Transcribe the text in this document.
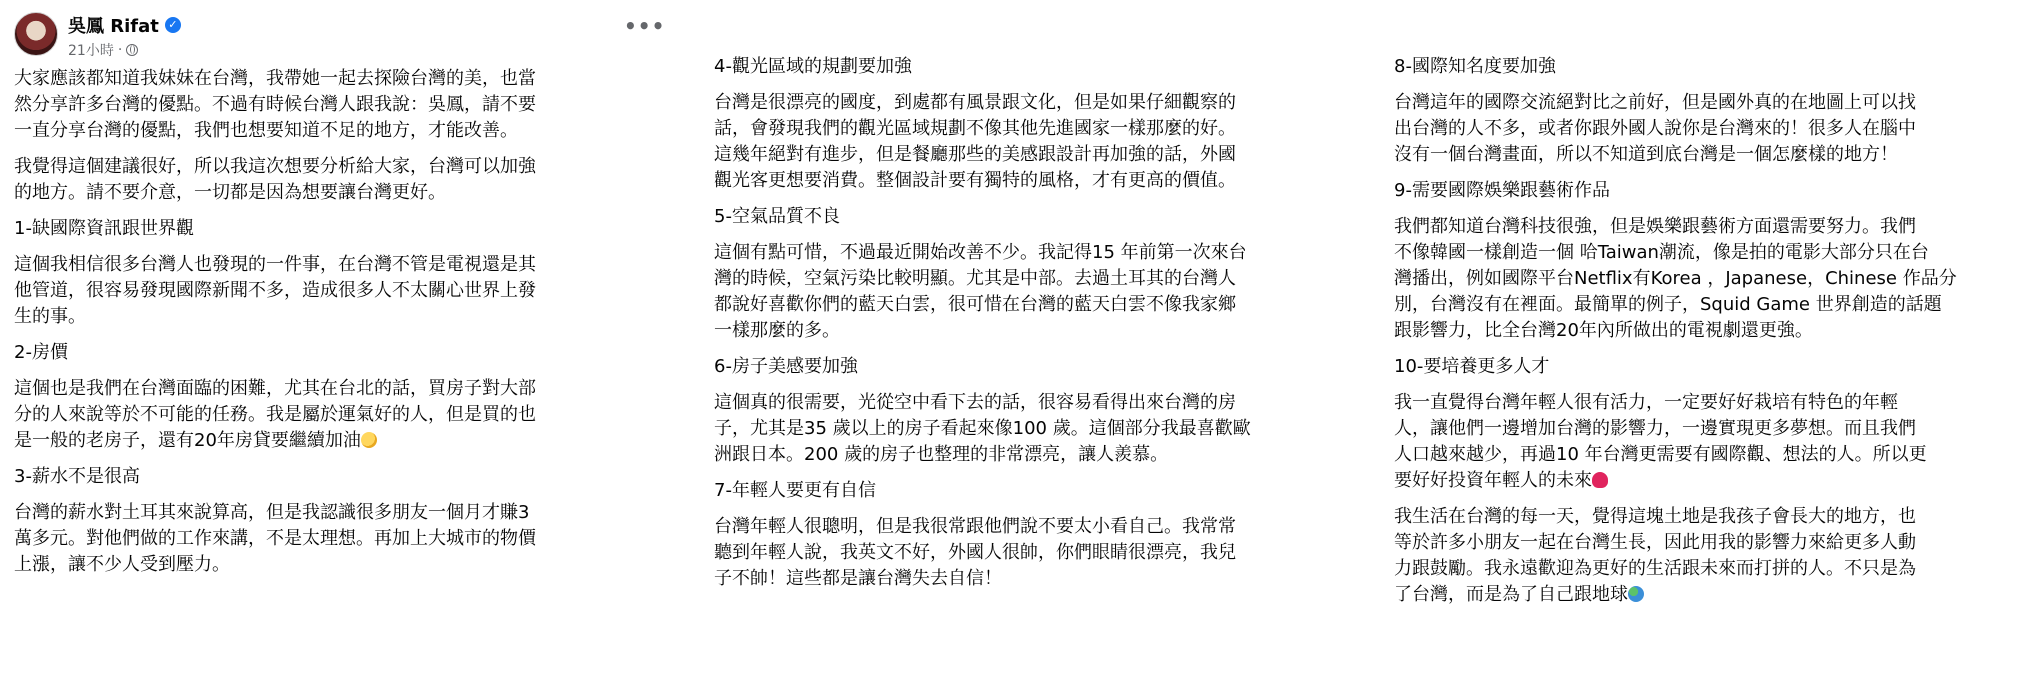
吳鳳 Rifat ✓
21小時 ·
•••

大家應該都知道我妹妹在台灣，我帶她一起去探險台灣的美，也當
然分享許多台灣的優點。不過有時候台灣人跟我說：吳鳳，請不要
一直分享台灣的優點，我們也想要知道不足的地方，才能改善。

我覺得這個建議很好，所以我這次想要分析給大家，台灣可以加強
的地方。請不要介意，一切都是因為想要讓台灣更好。

1-缺國際資訊跟世界觀

這個我相信很多台灣人也發現的一件事，在台灣不管是電視還是其
他管道，很容易發現國際新聞不多，造成很多人不太關心世界上發
生的事。

2-房價

這個也是我們在台灣面臨的困難，尤其在台北的話，買房子對大部
分的人來說等於不可能的任務。我是屬於運氣好的人，但是買的也
是一般的老房子，還有20年房貸要繼續加油

3-薪水不是很高

台灣的薪水對土耳其來說算高，但是我認識很多朋友一個月才賺3
萬多元。對他們做的工作來講，不是太理想。再加上大城市的物價
上漲，讓不少人受到壓力。

4-觀光區域的規劃要加強

台灣是很漂亮的國度，到處都有風景跟文化，但是如果仔細觀察的
話，會發現我們的觀光區域規劃不像其他先進國家一樣那麼的好。
這幾年絕對有進步，但是餐廳那些的美感跟設計再加強的話，外國
觀光客更想要消費。整個設計要有獨特的風格，才有更高的價值。

5-空氣品質不良

這個有點可惜，不過最近開始改善不少。我記得15 年前第一次來台
灣的時候，空氣污染比較明顯。尤其是中部。去過土耳其的台灣人
都說好喜歡你們的藍天白雲，很可惜在台灣的藍天白雲不像我家鄉
一樣那麼的多。

6-房子美感要加強

這個真的很需要，光從空中看下去的話，很容易看得出來台灣的房
子，尤其是35 歲以上的房子看起來像100 歲。這個部分我最喜歡歐
洲跟日本。200 歲的房子也整理的非常漂亮，讓人羨慕。

7-年輕人要更有自信

台灣年輕人很聰明，但是我很常跟他們說不要太小看自己。我常常
聽到年輕人說，我英文不好，外國人很帥，你們眼睛很漂亮，我兒
子不帥！這些都是讓台灣失去自信！

8-國際知名度要加強

台灣這年的國際交流絕對比之前好，但是國外真的在地圖上可以找
出台灣的人不多，或者你跟外國人說你是台灣來的！很多人在腦中
沒有一個台灣畫面，所以不知道到底台灣是一個怎麼樣的地方！

9-需要國際娛樂跟藝術作品

我們都知道台灣科技很強，但是娛樂跟藝術方面還需要努力。我們
不像韓國一樣創造一個 哈Taiwan潮流，像是拍的電影大部分只在台
灣播出，例如國際平台Netflix有Korea ，Japanese，Chinese 作品分
別，台灣沒有在裡面。最簡單的例子，Squid Game 世界創造的話題
跟影響力，比全台灣20年內所做出的電視劇還更強。

10-要培養更多人才

我一直覺得台灣年輕人很有活力，一定要好好栽培有特色的年輕
人，讓他們一邊增加台灣的影響力，一邊實現更多夢想。而且我們
人口越來越少，再過10 年台灣更需要有國際觀、想法的人。所以更
要好好投資年輕人的未來

我生活在台灣的每一天，覺得這塊土地是我孩子會長大的地方，也
等於許多小朋友一起在台灣生長，因此用我的影響力來給更多人動
力跟鼓勵。我永遠歡迎為更好的生活跟未來而打拼的人。不只是為
了台灣，而是為了自己跟地球
